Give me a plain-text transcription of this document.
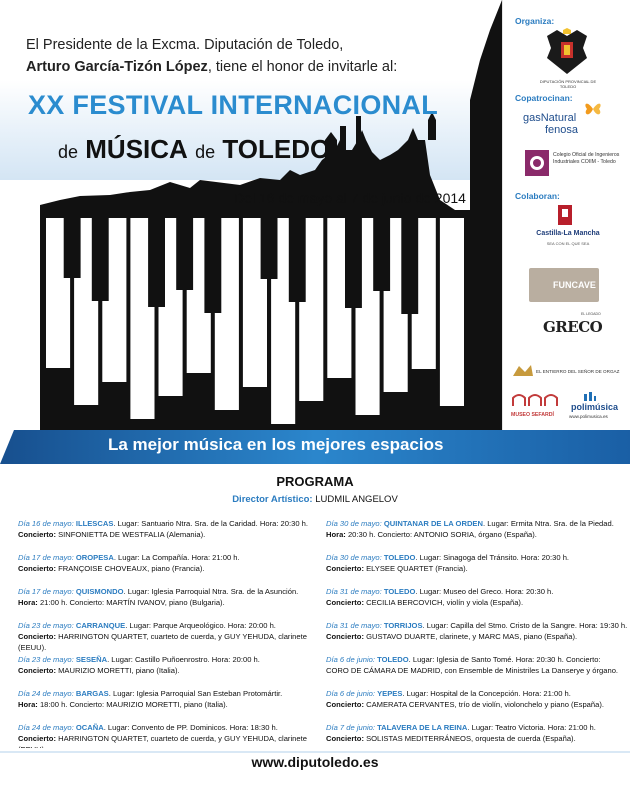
El Presidente de la Excma. Diputación de Toledo,
Arturo García-Tizón López, tiene el honor de invitarle al:
XX FESTIVAL INTERNACIONAL
de MÚSICA de TOLEDO
Del 16 de mayo al 7 de junio de 2014
Organiza:
DIPUTACIÓN PROVINCIAL DE TOLEDO
Copatrocinan:
gasNatural
fenosa
Colegio Oficial de Ingenieros Industriales COIIM - Toledo
Colaboran:
Castilla-La Mancha
SEA CON EL QUE SEA
FUNCAVE
GRECO
EL LEGADO
EL ENTIERRO DEL SEÑOR DE ORGAZ
MUSEO SEFARDÍ
polimúsica
www.polimusica.es
La mejor música en los mejores espacios
PROGRAMA
Director Artístico: LUDMIL ANGELOV
Día 16 de mayo: ILLESCAS. Lugar: Santuario Ntra. Sra. de la Caridad. Hora: 20:30 h.
Concierto: SINFONIETTA DE WESTFALIA (Alemania).
Día 17 de mayo: OROPESA. Lugar: La Compañía. Hora: 21:00 h.
Concierto: FRANÇOISE CHOVEAUX, piano (Francia).
Día 17 de mayo: QUISMONDO. Lugar: Iglesia Parroquial Ntra. Sra. de la Asunción.
Hora: 21:00 h. Concierto: MARTÍN IVANOV, piano (Bulgaria).
Día 23 de mayo: CARRANQUE. Lugar: Parque Arqueológico. Hora: 20:00 h.
Concierto: HARRINGTON QUARTET, cuarteto de cuerda, y GUY YEHUDA, clarinete (EEUU).
Día 23 de mayo: SESEÑA. Lugar: Castillo Puñoenrostro. Hora: 20:00 h.
Concierto: MAURIZIO MORETTI, piano (Italia).
Día 24 de mayo: BARGAS. Lugar: Iglesia Parroquial San Esteban Protomártir.
Hora: 18:00 h. Concierto: MAURIZIO MORETTI, piano (Italia).
Día 24 de mayo: OCAÑA. Lugar: Convento de PP. Dominicos. Hora: 18:30 h.
Concierto: HARRINGTON QUARTET, cuarteto de cuerda, y GUY YEHUDA, clarinete
Día 30 de mayo: QUINTANAR DE LA ORDEN. Lugar: Ermita Ntra. Sra. de la Piedad.
Hora: 20:30 h. Concierto: ANTONIO SORIA, órgano (España).
Día 30 de mayo: TOLEDO. Lugar: Sinagoga del Tránsito. Hora: 20:30 h.
Concierto: ELYSEE QUARTET (Francia).
Día 31 de mayo: TOLEDO. Lugar: Museo del Greco. Hora: 20:30 h.
Concierto: CECILIA BERCOVICH, violín y viola (España).
Día 31 de mayo: TORRIJOS. Lugar: Capilla del Stmo. Cristo de la Sangre. Hora: 19:30 h.
Concierto: GUSTAVO DUARTE, clarinete, y MARC MAS, piano (España).
Día 6 de junio: TOLEDO. Lugar: Iglesia de Santo Tomé. Hora: 20:30 h. Concierto:
CORO DE CÁMARA DE MADRID, con Ensemble de Ministriles La Danserye y órgano.
Día 6 de junio: YEPES. Lugar: Hospital de la Concepción. Hora: 21:00 h.
Concierto: CAMERATA CERVANTES, trío de violín, violonchelo y piano (España).
Día 7 de junio: TALAVERA DE LA REINA. Lugar: Teatro Victoria. Hora: 21:00 h.
Concierto: SOLISTAS MEDITERRÁNEOS, orquesta de cuerda (España).
www.diputoledo.es
